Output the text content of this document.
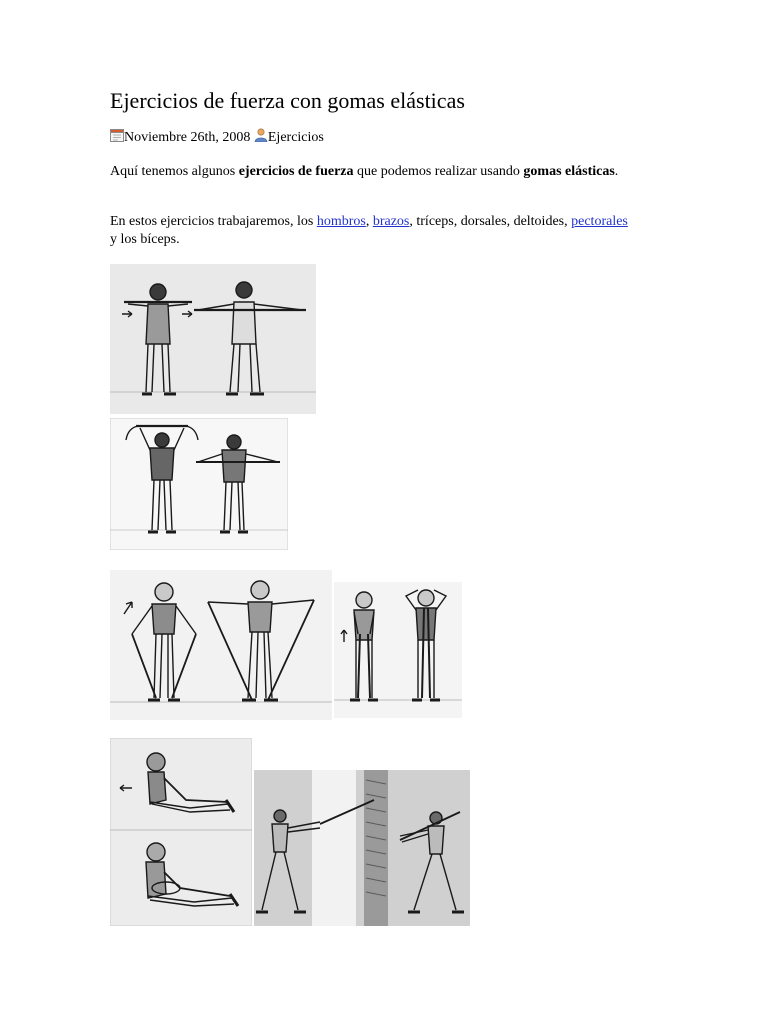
Ejercicios de fuerza con gomas elásticas
Noviembre 26th, 2008 Ejercicios

Aquí tenemos algunos ejercicios de fuerza que podemos realizar usando gomas elásticas.

En estos ejercicios trabajaremos, los hombros, brazos, tríceps, dorsales, deltoides, pectorales y los bíceps.
